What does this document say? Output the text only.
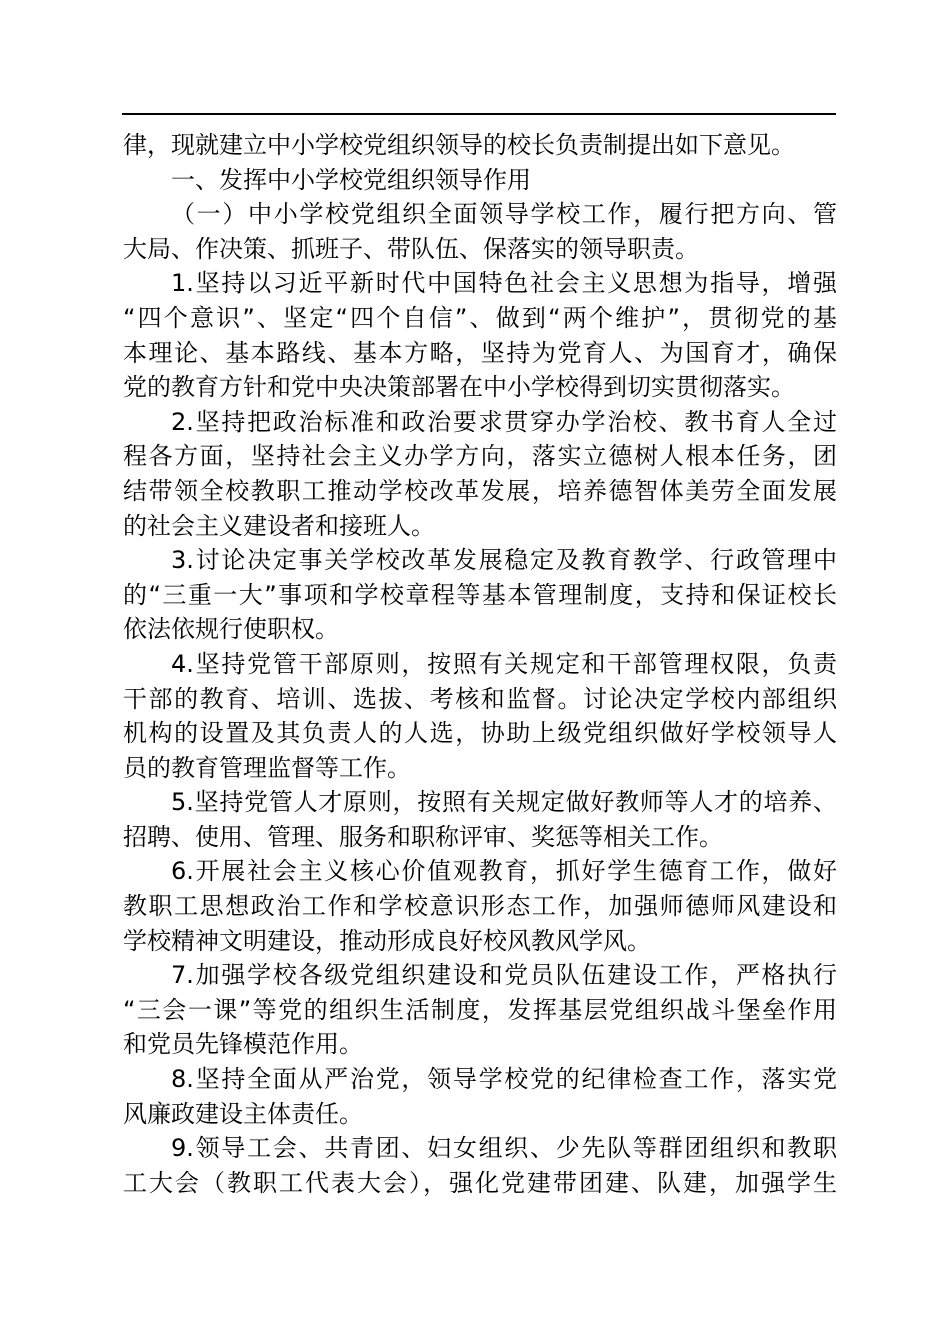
律，现就建立中小学校党组织领导的校长负责制提出如下意见。
一、发挥中小学校党组织领导作用
（一）中小学校党组织全面领导学校工作，履行把方向、管
大局、作决策、抓班子、带队伍、保落实的领导职责。
1.坚持以习近平新时代中国特色社会主义思想为指导，增强
“四个意识”、坚定“四个自信”、做到“两个维护”，贯彻党的基
本理论、基本路线、基本方略，坚持为党育人、为国育才，确保
党的教育方针和党中央决策部署在中小学校得到切实贯彻落实。
2.坚持把政治标准和政治要求贯穿办学治校、教书育人全过
程各方面，坚持社会主义办学方向，落实立德树人根本任务，团
结带领全校教职工推动学校改革发展，培养德智体美劳全面发展
的社会主义建设者和接班人。
3.讨论决定事关学校改革发展稳定及教育教学、行政管理中
的“三重一大”事项和学校章程等基本管理制度，支持和保证校长
依法依规行使职权。
4.坚持党管干部原则，按照有关规定和干部管理权限，负责
干部的教育、培训、选拔、考核和监督。讨论决定学校内部组织
机构的设置及其负责人的人选，协助上级党组织做好学校领导人
员的教育管理监督等工作。
5.坚持党管人才原则，按照有关规定做好教师等人才的培养、
招聘、使用、管理、服务和职称评审、奖惩等相关工作。
6.开展社会主义核心价值观教育，抓好学生德育工作，做好
教职工思想政治工作和学校意识形态工作，加强师德师风建设和
学校精神文明建设，推动形成良好校风教风学风。
7.加强学校各级党组织建设和党员队伍建设工作，严格执行
“三会一课”等党的组织生活制度，发挥基层党组织战斗堡垒作用
和党员先锋模范作用。
8.坚持全面从严治党，领导学校党的纪律检查工作，落实党
风廉政建设主体责任。
9.领导工会、共青团、妇女组织、少先队等群团组织和教职
工大会（教职工代表大会），强化党建带团建、队建，加强学生
